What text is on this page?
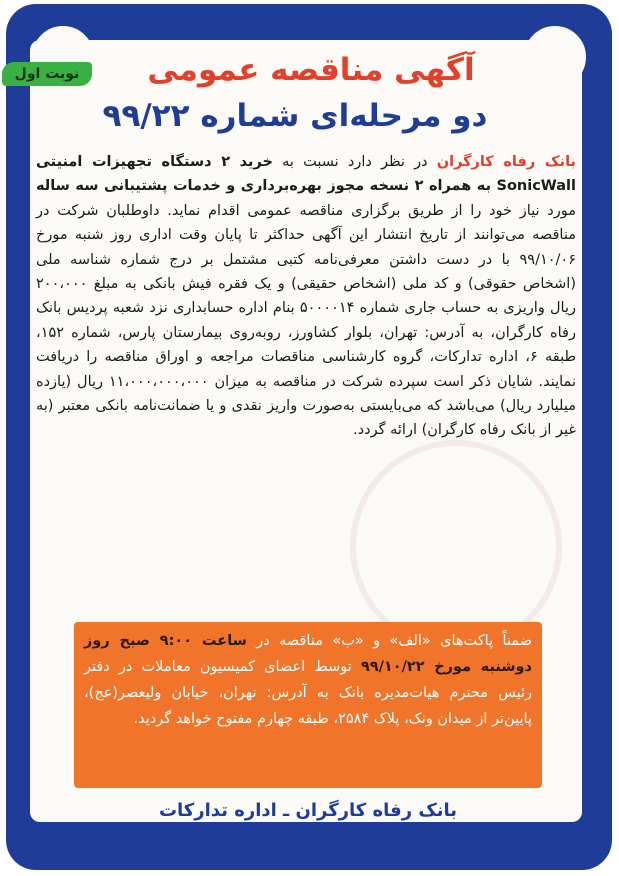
نوبت اول	آگهی مناقصه عمومی
دو مرحله‌ای شماره ۹۹/۲۲
بانک رفاه کارگران در نظر دارد نسبت به خرید ۲ دستگاه تجهیزات امنیتی SonicWall به همراه ۲ نسخه مجوز بهره‌برداری و خدمات پشتیبانی سه ساله مورد نیاز خود را از طریق برگزاری مناقصه عمومی اقدام نماید. داوطلبان شرکت در مناقصه می‌توانند از تاریخ انتشار این آگهی حداکثر تا پایان وقت اداری روز شنبه مورخ ۹۹/۱۰/۰۶ با در دست داشتن معرفی‌نامه کتبی مشتمل بر درج شماره شناسه ملی (اشخاص حقوقی) و کد ملی (اشخاص حقیقی) و یک فقره فیش بانکی به مبلغ ۲۰۰،۰۰۰ ریال واریزی به حساب جاری شماره ۵۰۰۰۰۱۴ بنام اداره حسابداری نزد شعبه پردیس بانک رفاه کارگران، به آدرس: تهران، بلوار کشاورز، روبه‌روی بیمارستان پارس، شماره ۱۵۲، طبقه ۶، اداره تدارکات، گروه کارشناسی مناقصات مراجعه و اوراق مناقصه را دریافت نمایند. شایان ذکر است سپرده شرکت در مناقصه به میزان ۱۱،۰۰۰،۰۰۰،۰۰۰ ریال (یازده میلیارد ریال) می‌باشد که می‌بایستی به‌صورت واریز نقدی و یا ضمانت‌نامه بانکی معتبر (به غیر از بانک رفاه کارگران) ارائه گردد.
ضمناً پاکت‌های «الف» و «ب» مناقصه در ساعت ۹:۰۰ صبح روز دوشنبه مورخ ۹۹/۱۰/۲۲ توسط اعضای کمیسیون معاملات در دفتر رئیس محترم هیات‌مدیره بانک به آدرس: تهران، خیابان ولیعصر(عج)، پایین‌تر از میدان ونک، پلاک ۲۵۸۴، طبقه چهارم مفتوح خواهد گردید.
بانک رفاه کارگران ـ اداره تدارکات
